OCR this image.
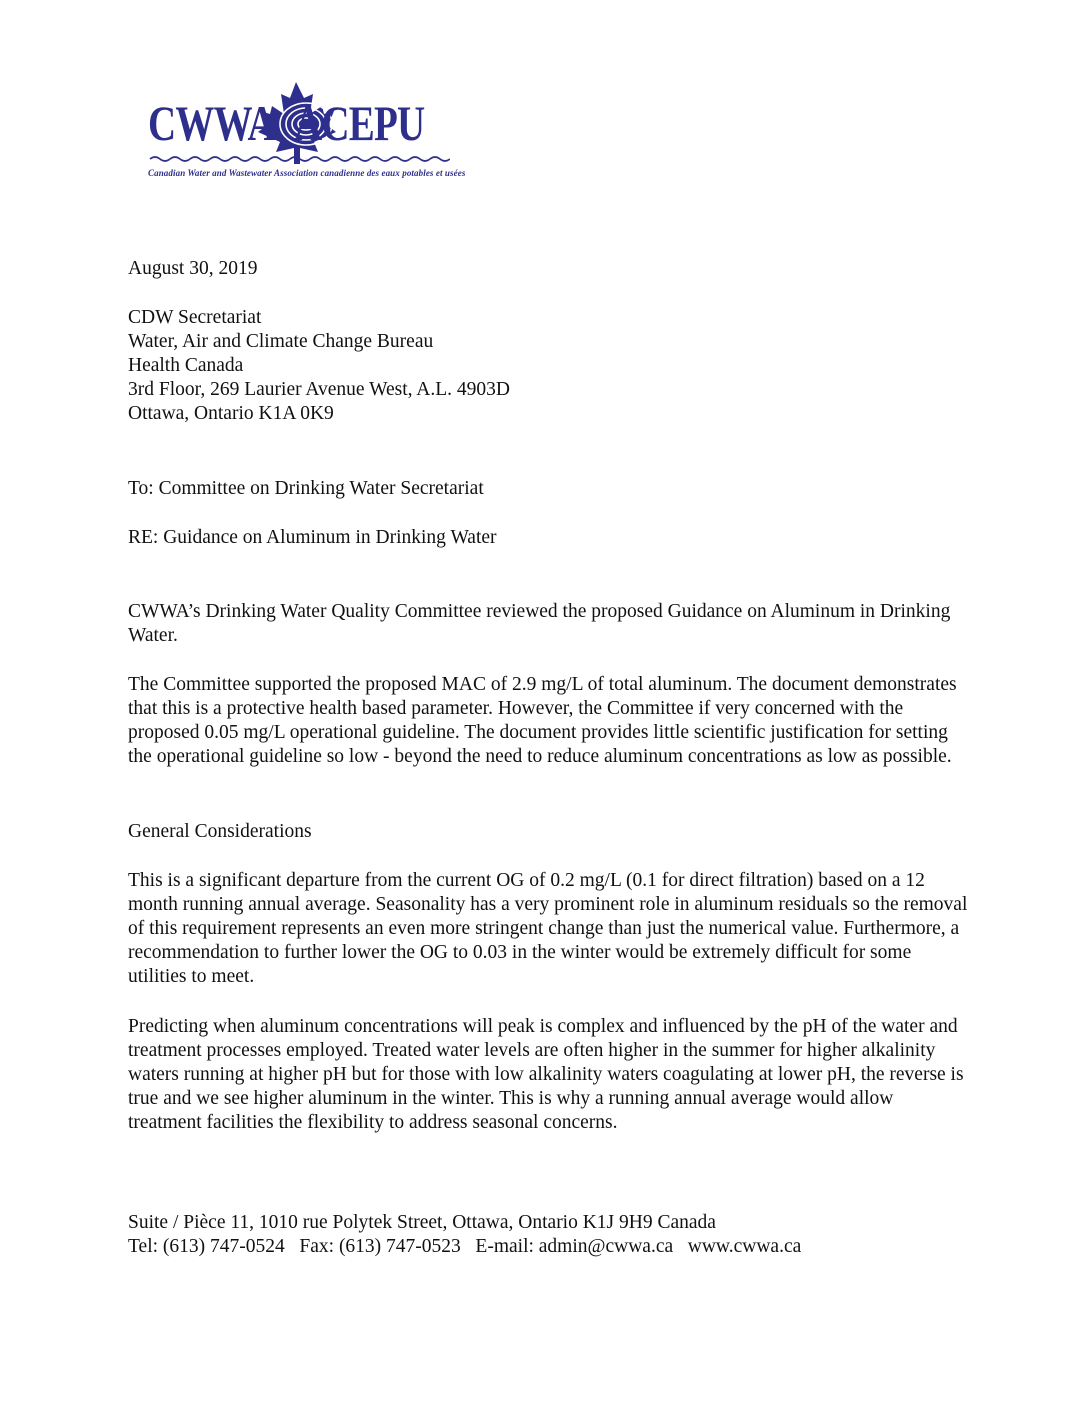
CWWA ACEPU
Canadian Water and Wastewater Association canadienne des eaux potables et usées

August 30, 2019

CDW Secretariat

Water, Air and Climate Change Bureau

Health Canada

3rd Floor, 269 Laurier Avenue West, A.L. 4903D

Ottawa, Ontario K1A 0K9

To: Committee on Drinking Water Secretariat

RE: Guidance on Aluminum in Drinking Water

CWWA’s Drinking Water Quality Committee reviewed the proposed Guidance on Aluminum in Drinking Water.

The Committee supported the proposed MAC of 2.9 mg/L of total aluminum. The document demonstrates that this is a protective health based parameter. However, the Committee if very concerned with the proposed 0.05 mg/L operational guideline. The document provides little scientific justification for setting the operational guideline so low - beyond the need to reduce aluminum concentrations as low as possible.

General Considerations

This is a significant departure from the current OG of 0.2 mg/L (0.1 for direct filtration) based on a 12 month running annual average. Seasonality has a very prominent role in aluminum residuals so the removal of this requirement represents an even more stringent change than just the numerical value. Furthermore, a recommendation to further lower the OG to 0.03 in the winter would be extremely difficult for some utilities to meet.

Predicting when aluminum concentrations will peak is complex and influenced by the pH of the water and treatment processes employed. Treated water levels are often higher in the summer for higher alkalinity waters running at higher pH but for those with low alkalinity waters coagulating at lower pH, the reverse is true and we see higher aluminum in the winter. This is why a running annual average would allow treatment facilities the flexibility to address seasonal concerns.

Suite / Pièce 11, 1010 rue Polytek Street, Ottawa, Ontario K1J 9H9 Canada

Tel: (613) 747-0524   Fax: (613) 747-0523   E-mail: admin@cwwa.ca   www.cwwa.ca
